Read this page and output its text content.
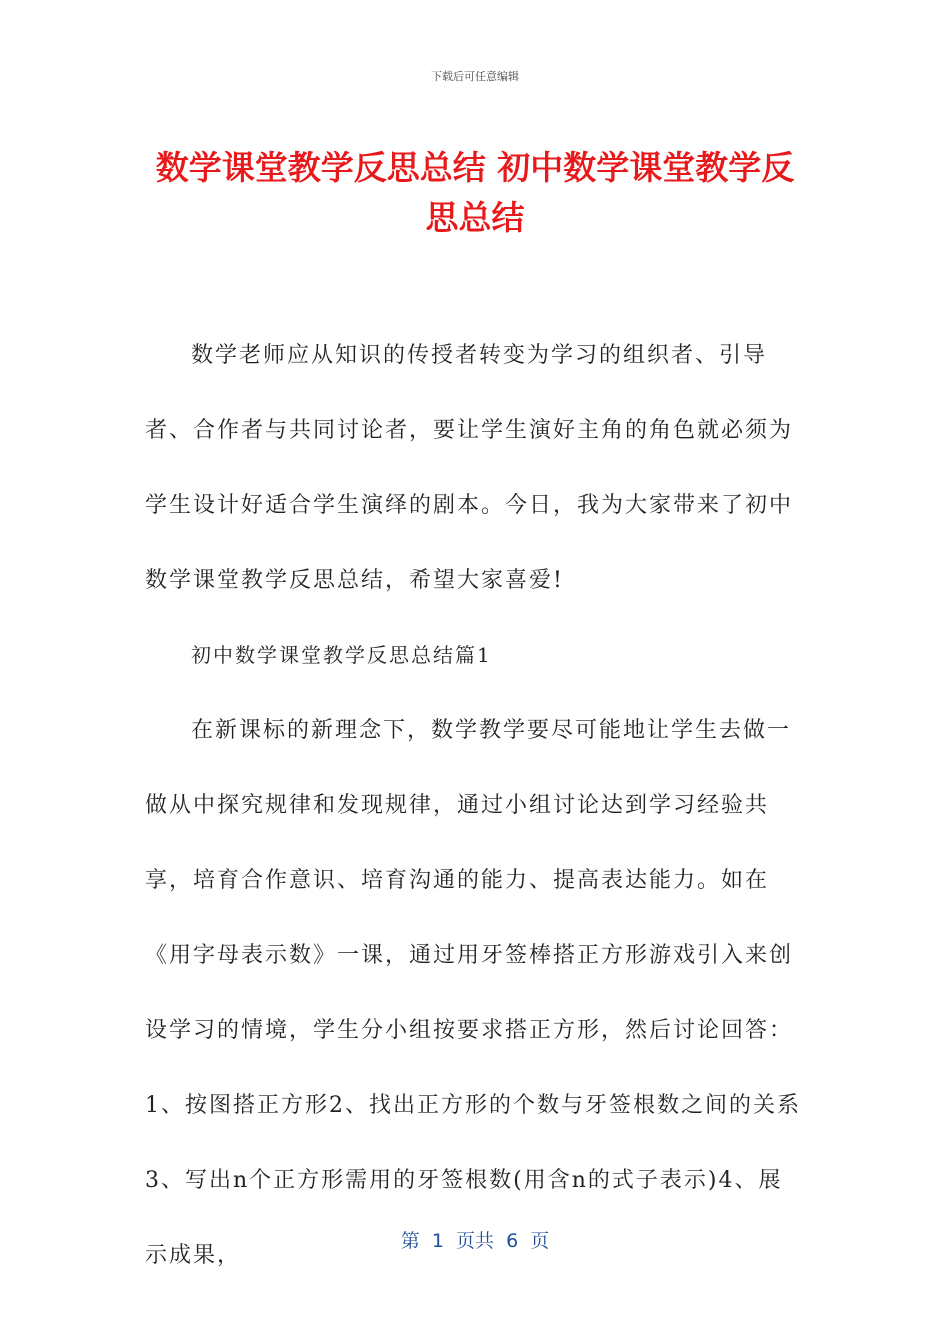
下载后可任意编辑
数学课堂教学反思总结 初中数学课堂教学反思总结

数学老师应从知识的传授者转变为学习的组织者、引导者、合作者与共同讨论者，要让学生演好主角的角色就必须为学生设计好适合学生演绎的剧本。今日，我为大家带来了初中数学课堂教学反思总结，希望大家喜爱!

初中数学课堂教学反思总结篇1

在新课标的新理念下，数学教学要尽可能地让学生去做一做从中探究规律和发现规律，通过小组讨论达到学习经验共享，培育合作意识、培育沟通的能力、提高表达能力。如在《用字母表示数》一课，通过用牙签棒搭正方形游戏引入来创设学习的情境，学生分小组按要求搭正方形，然后讨论回答：1、按图搭正方形2、找出正方形的个数与牙签根数之间的关系3、写出n个正方形需用的牙签根数(用含n的式子表示)4、展示成果，

第  1  页共  6  页
